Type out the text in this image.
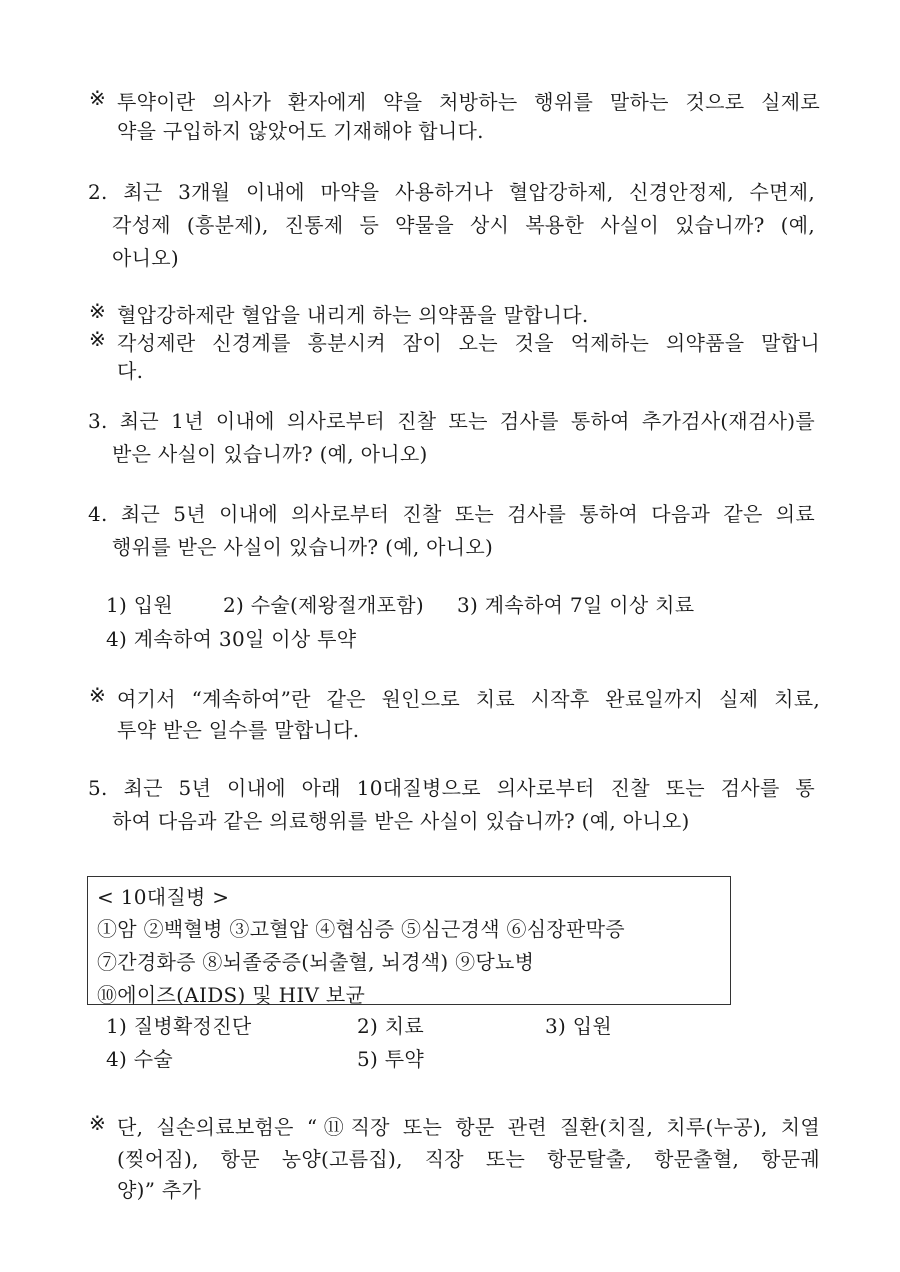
※ 투약이란 의사가 환자에게 약을 처방하는 행위를 말하는 것으로 실제로
약을 구입하지 않았어도 기재해야 합니다.
2. 최근 3개월 이내에 마약을 사용하거나 혈압강하제, 신경안정제, 수면제,
각성제 (흥분제), 진통제 등 약물을 상시 복용한 사실이 있습니까? (예,
아니오)
※ 혈압강하제란 혈압을 내리게 하는 의약품을 말합니다.
※ 각성제란 신경계를 흥분시켜 잠이 오는 것을 억제하는 의약품을 말합니
다.
3. 최근 1년 이내에 의사로부터 진찰 또는 검사를 통하여 추가검사(재검사)를
받은 사실이 있습니까? (예, 아니오)
4. 최근 5년 이내에 의사로부터 진찰 또는 검사를 통하여 다음과 같은 의료
행위를 받은 사실이 있습니까? (예, 아니오)
1) 입원 2) 수술(제왕절개포함) 3) 계속하여 7일 이상 치료
4) 계속하여 30일 이상 투약
※ 여기서 “계속하여”란 같은 원인으로 치료 시작후 완료일까지 실제 치료,
투약 받은 일수를 말합니다.
5. 최근 5년 이내에 아래 10대질병으로 의사로부터 진찰 또는 검사를 통
하여 다음과 같은 의료행위를 받은 사실이 있습니까? (예, 아니오)
< 10대질병 >
①암 ②백혈병 ③고혈압 ④협심증 ⑤심근경색 ⑥심장판막증
⑦간경화증 ⑧뇌졸중증(뇌출혈, 뇌경색) ⑨당뇨병
⑩에이즈(AIDS) 및 HIV 보균
1) 질병확정진단	2) 치료	3) 입원
4) 수술	5) 투약
※ 단, 실손의료보험은 “⑪직장 또는 항문 관련 질환(치질, 치루(누공), 치열
(찢어짐), 항문 농양(고름집), 직장 또는 항문탈출, 항문출혈, 항문궤
양)” 추가
